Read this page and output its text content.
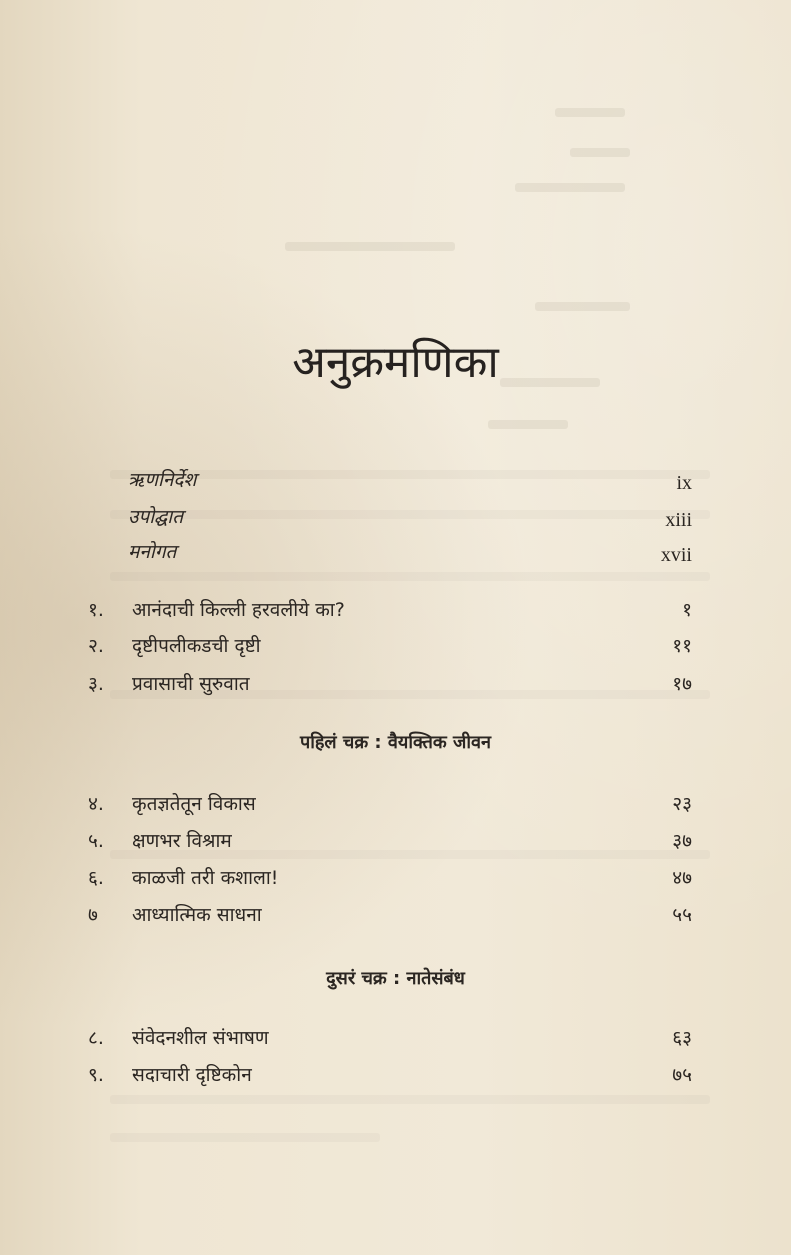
अनुक्रमणिका
ऋणनिर्देश	ix
उपोद्घात	xiii
मनोगत	xvii
१. आनंदाची किल्ली हरवलीये का?	१
२. दृष्टीपलीकडची दृष्टी	११
३. प्रवासाची सुरुवात	१७
पहिलं चक्र : वैयक्तिक जीवन
४. कृतज्ञतेतून विकास	२३
५. क्षणभर विश्राम	३७
६. काळजी तरी कशाला!	४७
७ आध्यात्मिक साधना	५५
दुसरं चक्र : नातेसंबंध
८. संवेदनशील संभाषण	६३
९. सदाचारी दृष्टिकोन	७५
